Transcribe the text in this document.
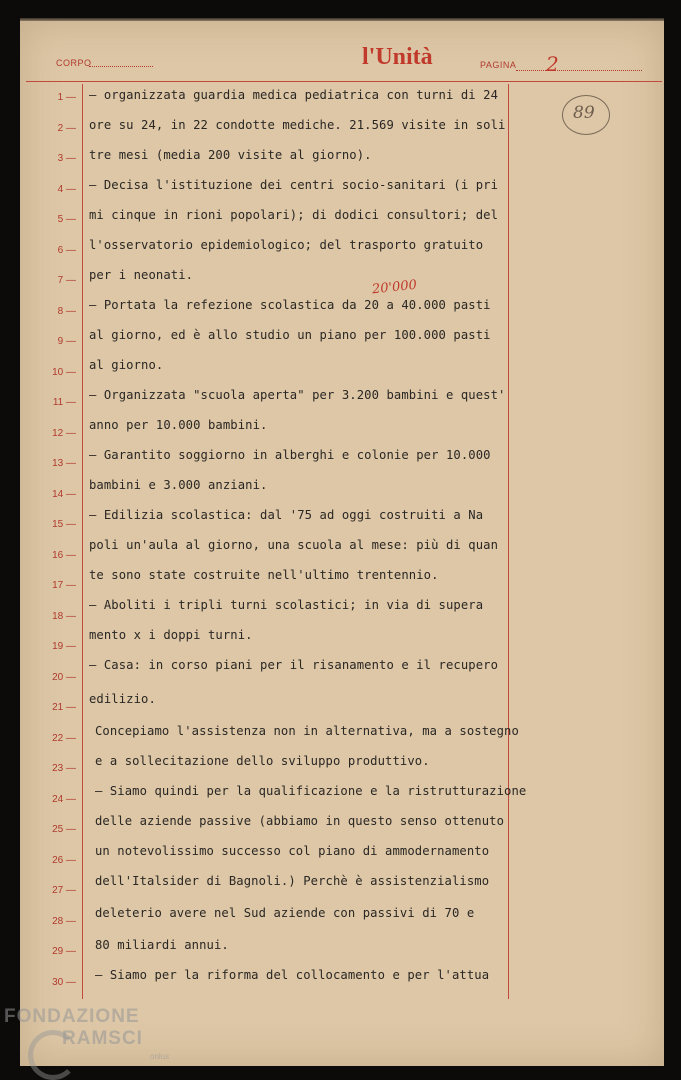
CORPO	l'Unità	PAGINA 2
89
1 —
2 —
3 —
4 —
5 —
6 —
7 —
8 —
9 —
10 —
11 —
12 —
13 —
14 —
15 —
16 —
17 —
18 —
19 —
20 —
21 —
22 —
23 —
24 —
25 —
26 —
27 —
28 —
29 —
30 —
– organizzata guardia medica pediatrica con turni di 24
ore su 24, in 22 condotte mediche. 21.569 visite in soli
tre mesi (media 200 visite al giorno).
– Decisa l'istituzione dei centri socio-sanitari (i pri
mi cinque in rioni popolari); di dodici consultori; del
l'osservatorio epidemiologico; del trasporto gratuito
per i neonati.
– Portata la refezione scolastica da 20 a 40.000 pasti
al giorno, ed è allo studio un piano per 100.000 pasti
al giorno.
– Organizzata "scuola aperta" per 3.200 bambini e quest'
anno per 10.000 bambini.
– Garantito soggiorno in alberghi e colonie per 10.000
bambini e 3.000 anziani.
– Edilizia scolastica: dal '75 ad oggi costruiti a Na
poli un'aula al giorno, una scuola al mese: più di quan
te sono state costruite nell'ultimo trentennio.
– Aboliti i tripli turni scolastici; in via di supera
mento x i doppi turni.
– Casa: in corso piani per il risanamento e il recupero
edilizio.
Concepiamo l'assistenza non in alternativa, ma a sostegno
e a sollecitazione dello sviluppo produttivo.
– Siamo quindi per la qualificazione e la ristrutturazione
delle aziende passive (abbiamo in questo senso ottenuto
un notevolissimo successo col piano di ammodernamento
dell'Italsider di Bagnoli.) Perchè è assistenzialismo
deleterio avere nel Sud aziende con passivi di 70 e
80 miliardi annui.
– Siamo per la riforma del collocamento e per l'attua
20'000
FONDAZIONE
RAMSCI
onlus
